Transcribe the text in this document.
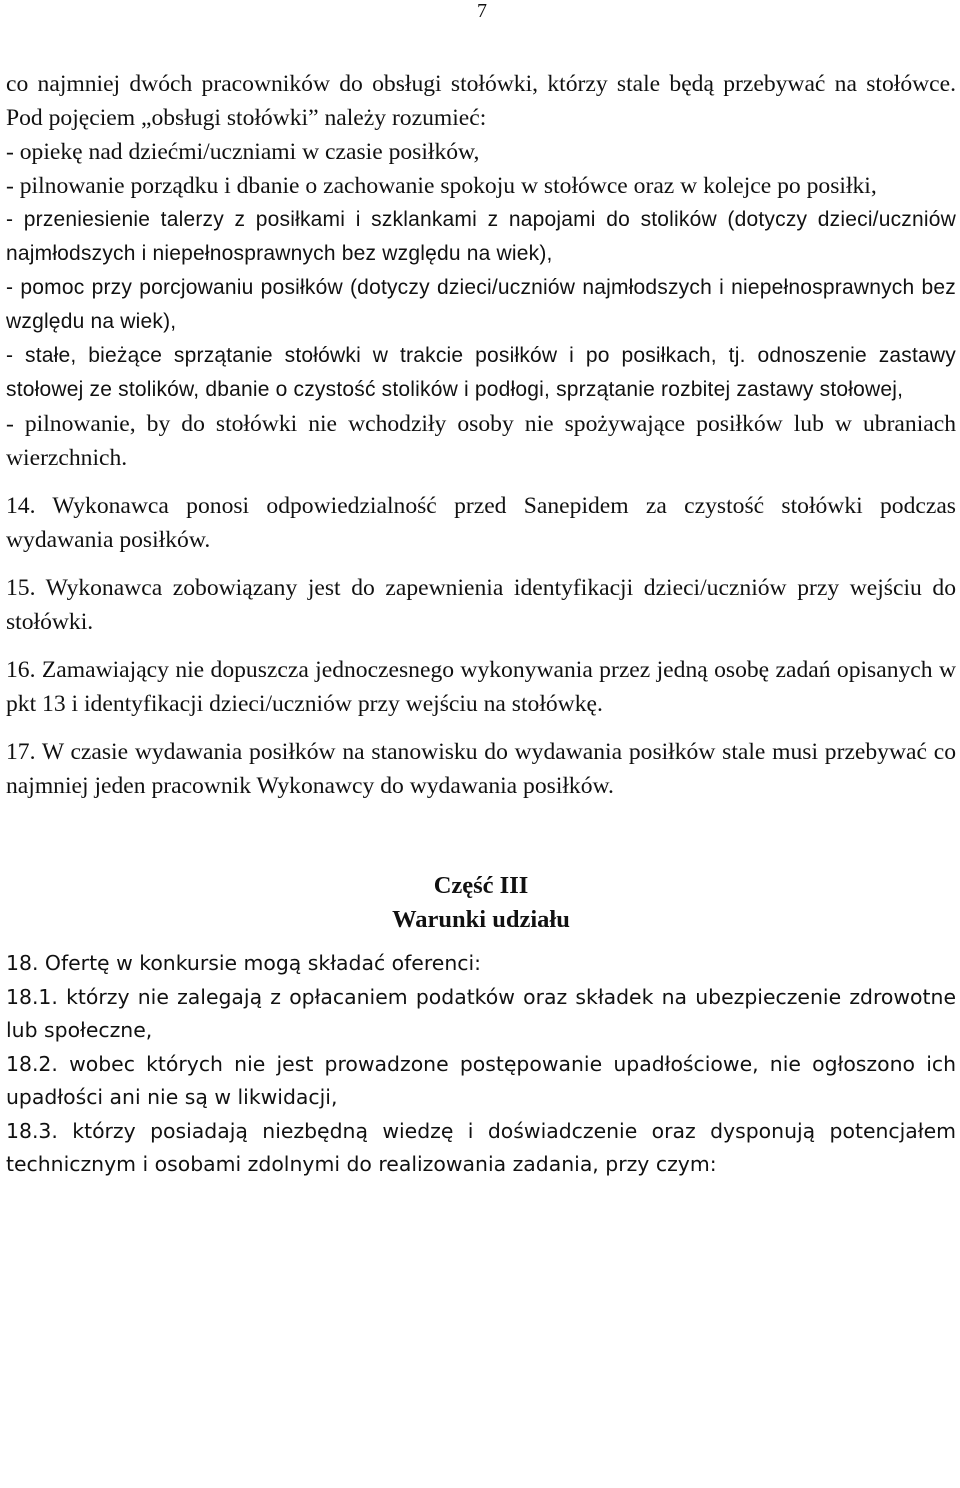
7

co najmniej dwóch pracowników do obsługi stołówki, którzy stale będą przebywać na stołówce. Pod pojęciem „obsługi stołówki” należy rozumieć:

- opiekę nad dziećmi/uczniami w czasie posiłków,

- pilnowanie porządku i dbanie o zachowanie spokoju w stołówce oraz w kolejce po posiłki,

- przeniesienie talerzy z posiłkami i szklankami z napojami do stolików (dotyczy dzieci/uczniów najmłodszych i niepełnosprawnych bez względu na wiek),

- pomoc przy porcjowaniu posiłków (dotyczy dzieci/uczniów najmłodszych i niepełnosprawnych bez względu na wiek),

- stałe, bieżące sprzątanie stołówki w trakcie posiłków i po posiłkach, tj. odnoszenie zastawy stołowej ze stolików, dbanie o czystość stolików i podłogi, sprzątanie rozbitej zastawy stołowej,

- pilnowanie, by do stołówki nie wchodziły osoby nie spożywające posiłków lub w ubraniach wierzchnich.

14. Wykonawca ponosi odpowiedzialność przed Sanepidem za czystość stołówki podczas wydawania posiłków.

15. Wykonawca zobowiązany jest do zapewnienia identyfikacji dzieci/uczniów przy wejściu do stołówki.

16. Zamawiający nie dopuszcza jednoczesnego wykonywania przez jedną osobę zadań opisanych w pkt 13 i identyfikacji dzieci/uczniów przy wejściu na stołówkę.

17. W czasie wydawania posiłków na stanowisku do wydawania posiłków stale musi przebywać co najmniej jeden pracownik Wykonawcy do wydawania posiłków.

Część III

Warunki udziału

18. Ofertę w konkursie mogą składać oferenci:

18.1. którzy nie zalegają z opłacaniem podatków oraz składek na ubezpieczenie zdrowotne lub społeczne,

18.2. wobec których nie jest prowadzone postępowanie upadłościowe, nie ogłoszono ich upadłości ani nie są w likwidacji,

18.3. którzy posiadają niezbędną wiedzę i doświadczenie oraz dysponują potencjałem technicznym i osobami zdolnymi do realizowania zadania, przy czym:
